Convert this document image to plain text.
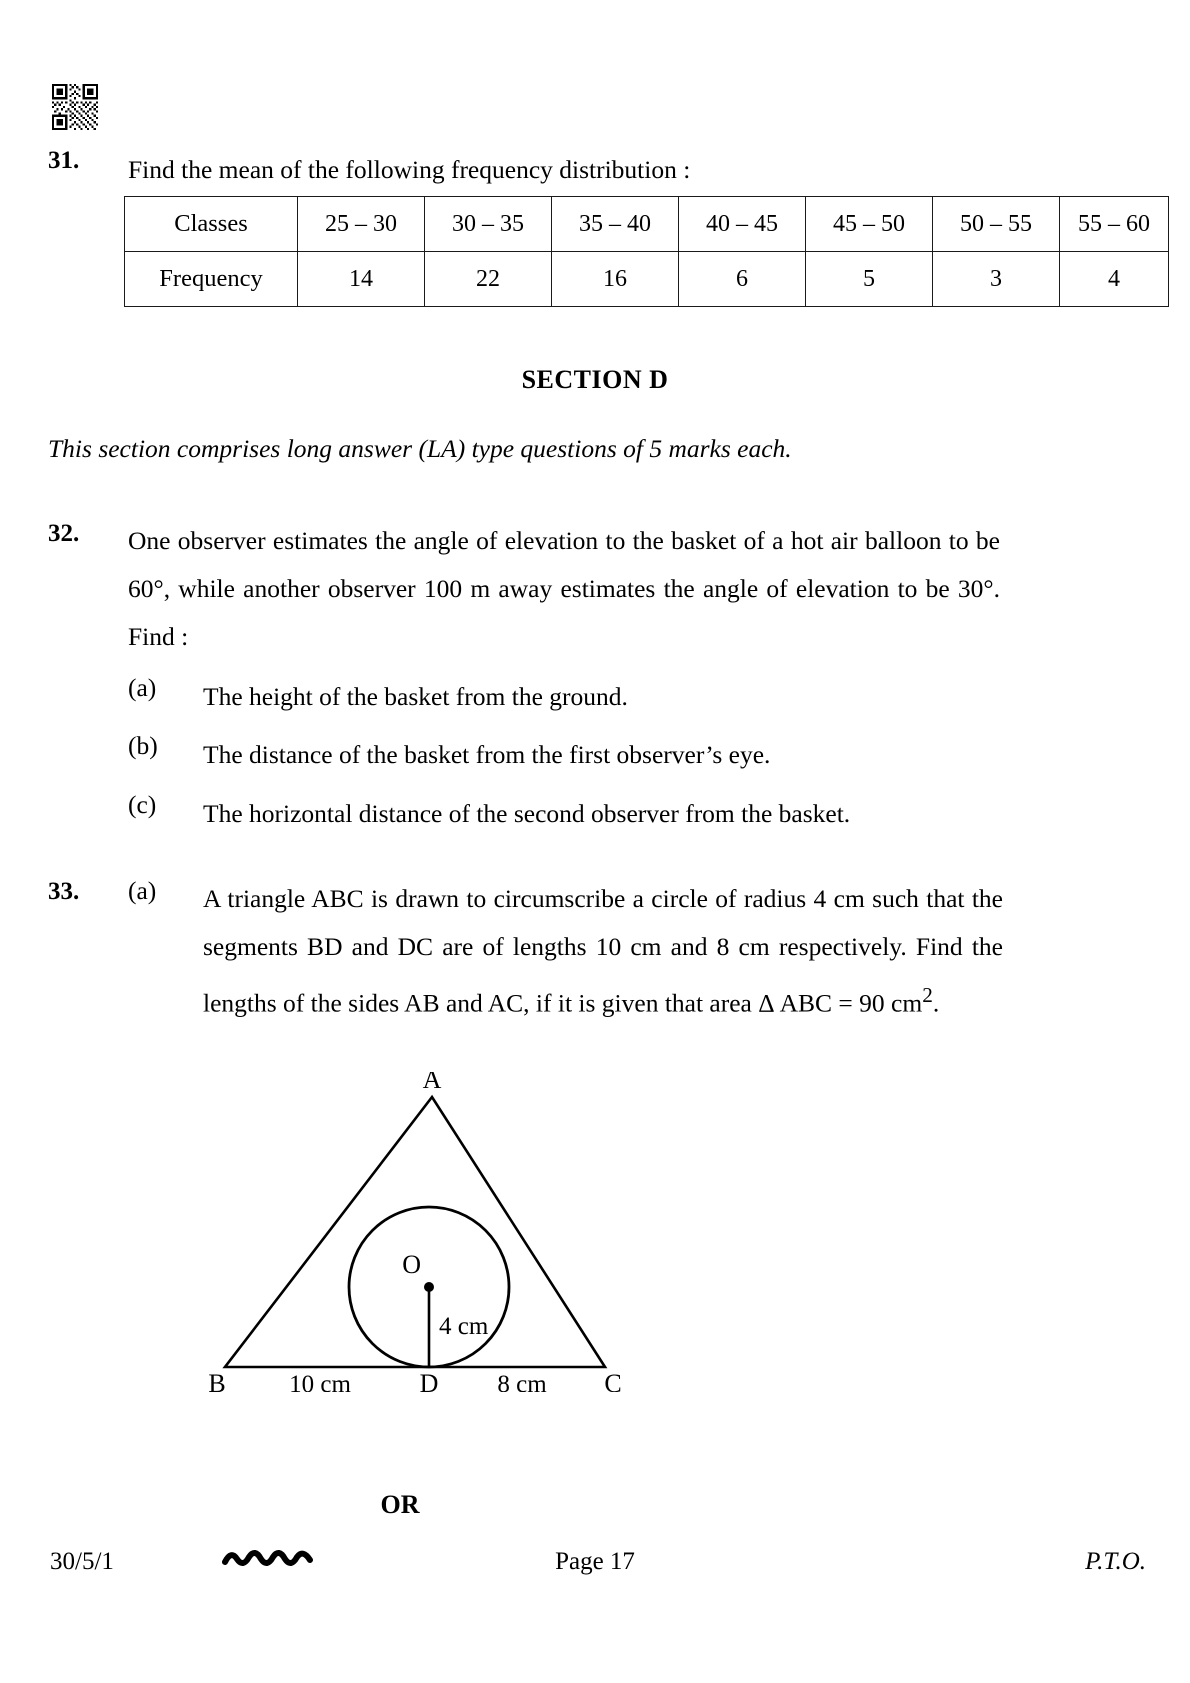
31. Find the mean of the following frequency distribution :
Classes	25 – 30	30 – 35	35 – 40	40 – 45	45 – 50	50 – 55	55 – 60
Frequency	14	22	16	6	5	3	4
SECTION D
This section comprises long answer (LA) type questions of 5 marks each.
32. One observer estimates the angle of elevation to the basket of a hot air balloon to be 60°, while another observer 100 m away estimates the angle of elevation to be 30°. Find :
(a) The height of the basket from the ground.
(b) The distance of the basket from the first observer’s eye.
(c) The horizontal distance of the second observer from the basket.
33. (a) A triangle ABC is drawn to circumscribe a circle of radius 4 cm such that the segments BD and DC are of lengths 10 cm and 8 cm respectively. Find the lengths of the sides AB and AC, if it is given that area Δ ABC = 90 $cm^2$.
A
O
4 cm
B	D	C
10 cm	8 cm
OR
30/5/1	Page 17	P.T.O.
